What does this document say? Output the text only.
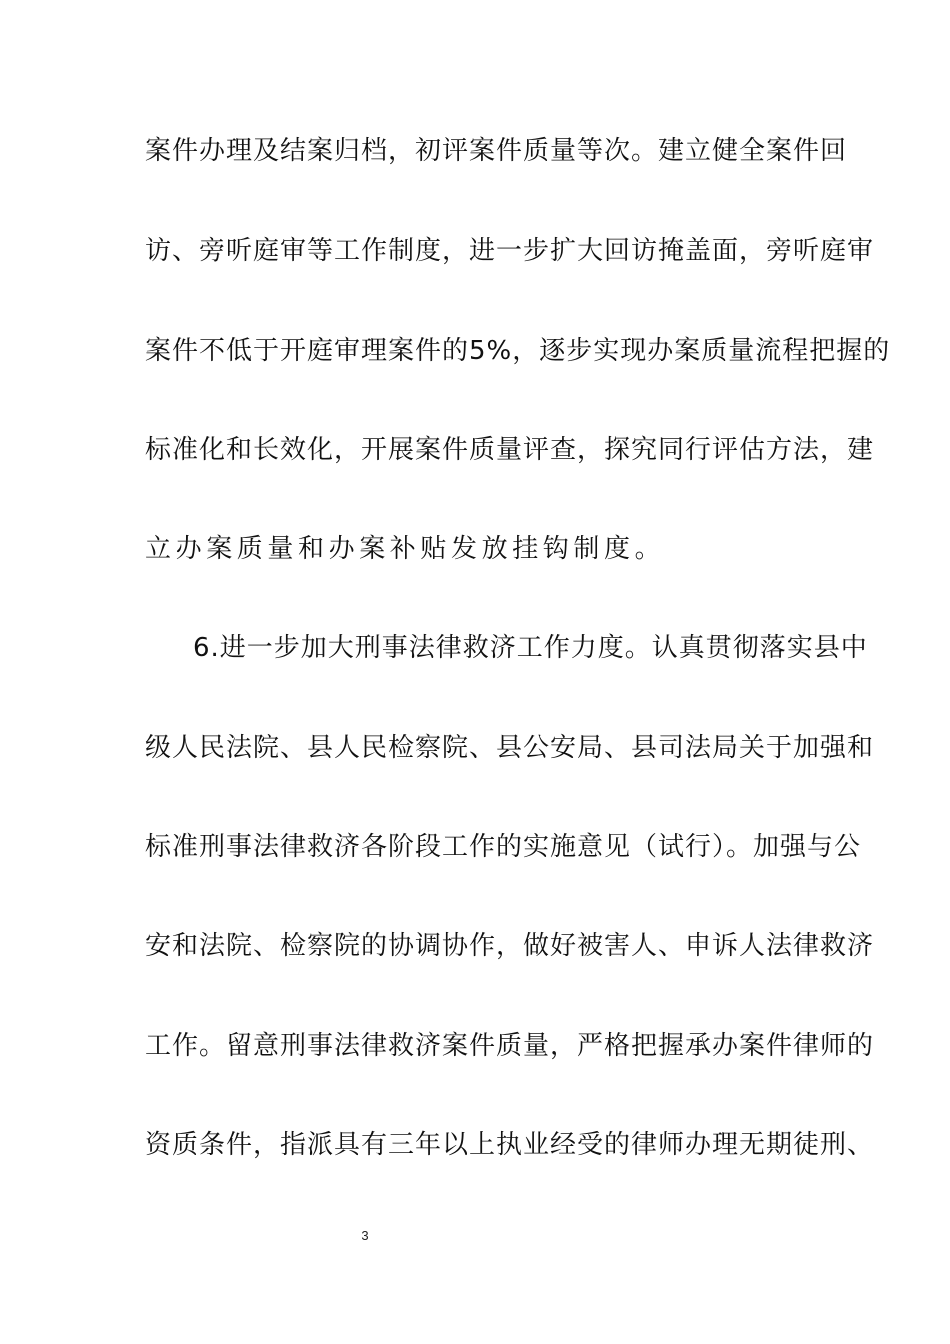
案件办理及结案归档，初评案件质量等次。建立健全案件回
访、旁听庭审等工作制度，进一步扩大回访掩盖面，旁听庭审
案件不低于开庭审理案件的5%，逐步实现办案质量流程把握的
标准化和长效化，开展案件质量评查，探究同行评估方法，建
立办案质量和办案补贴发放挂钩制度。
6.进一步加大刑事法律救济工作力度。认真贯彻落实县中
级人民法院、县人民检察院、县公安局、县司法局关于加强和
标准刑事法律救济各阶段工作的实施意见（试行）。加强与公
安和法院、检察院的协调协作，做好被害人、申诉人法律救济
工作。留意刑事法律救济案件质量，严格把握承办案件律师的
资质条件，指派具有三年以上执业经受的律师办理无期徒刑、
3
